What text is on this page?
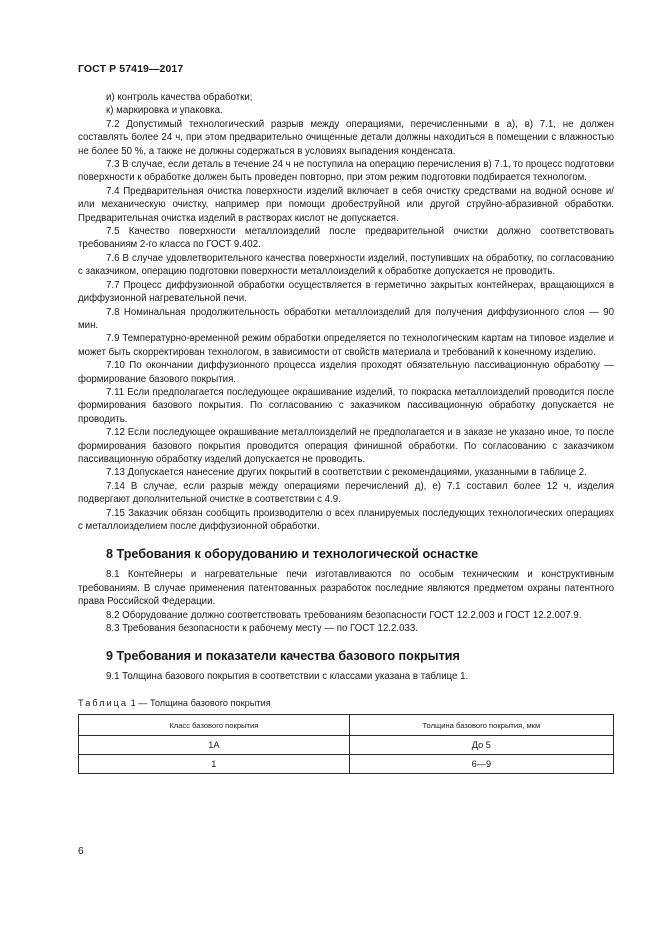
ГОСТ Р 57419—2017

и) контроль качества обработки;

к) маркировка и упаковка.

7.2 Допустимый технологический разрыв между операциями, перечисленными в а), в) 7.1, не должен составлять более 24 ч, при этом предварительно очищенные детали должны находиться в помещении с влажностью не более 50 %, а также не должны содержаться в условиях выпадения конденсата.

7.3 В случае, если деталь в течение 24 ч не поступила на операцию перечисления в) 7.1, то процесс подготовки поверхности к обработке должен быть проведен повторно, при этом режим подготовки подбирается технологом.

7.4 Предварительная очистка поверхности изделий включает в себя очистку средствами на водной основе и/или механическую очистку, например при помощи дробеструйной или другой струйно-абразивной обработки. Предварительная очистка изделий в растворах кислот не допускается.

7.5 Качество поверхности металлоизделий после предварительной очистки должно соответствовать требованиям 2-го класса по ГОСТ 9.402.

7.6 В случае удовлетворительного качества поверхности изделий, поступивших на обработку, по согласованию с заказчиком, операцию подготовки поверхности металлоизделий к обработке допускается не проводить.

7.7 Процесс диффузионной обработки осуществляется в герметично закрытых контейнерах, вращающихся в диффузионной нагревательной печи.

7.8 Номинальная продолжительность обработки металлоизделий для получения диффузионного слоя — 90 мин.

7.9 Температурно-временной режим обработки определяется по технологическим картам на типовое изделие и может быть скорректирован технологом, в зависимости от свойств материала и требований к конечному изделию.

7.10 По окончании диффузионного процесса изделия проходят обязательную пассивационную обработку — формирование базового покрытия.

7.11 Если предполагается последующее окрашивание изделий, то покраска металлоизделий проводится после формирования базового покрытия. По согласованию с заказчиком пассивационную обработку допускается не проводить.

7.12 Если последующее окрашивание металлоизделий не предполагается и в заказе не указано иное, то после формирования базового покрытия проводится операция финишной обработки. По согласованию с заказчиком пассивационную обработку изделий допускается не проводить.

7.13 Допускается нанесение других покрытий в соответствии с рекомендациями, указанными в таблице 2.

7.14 В случае, если разрыв между операциями перечислений д), е) 7.1 составил более 12 ч, изделия подвергают дополнительной очистке в соответствии с 4.9.

7.15 Заказчик обязан сообщить производителю о всех планируемых последующих технологических операциях с металлоизделием после диффузионной обработки.

8 Требования к оборудованию и технологической оснастке

8.1 Контейнеры и нагревательные печи изготавливаются по особым техническим и конструктивным требованиям. В случае применения патентованных разработок последние являются предметом охраны патентного права Российской Федерации.

8.2 Оборудование должно соответствовать требованиям безопасности ГОСТ 12.2.003 и ГОСТ 12.2.007.9.

8.3 Требования безопасности к рабочему месту — по ГОСТ 12.2.033.

9 Требования и показатели качества базового покрытия

9.1 Толщина базового покрытия в соответствии с классами указана в таблице 1.

Таблица 1 — Толщина базового покрытия

Класс базового покрытия	Толщина базового покрытия, мкм
1А	До 5
1	6—9
6
